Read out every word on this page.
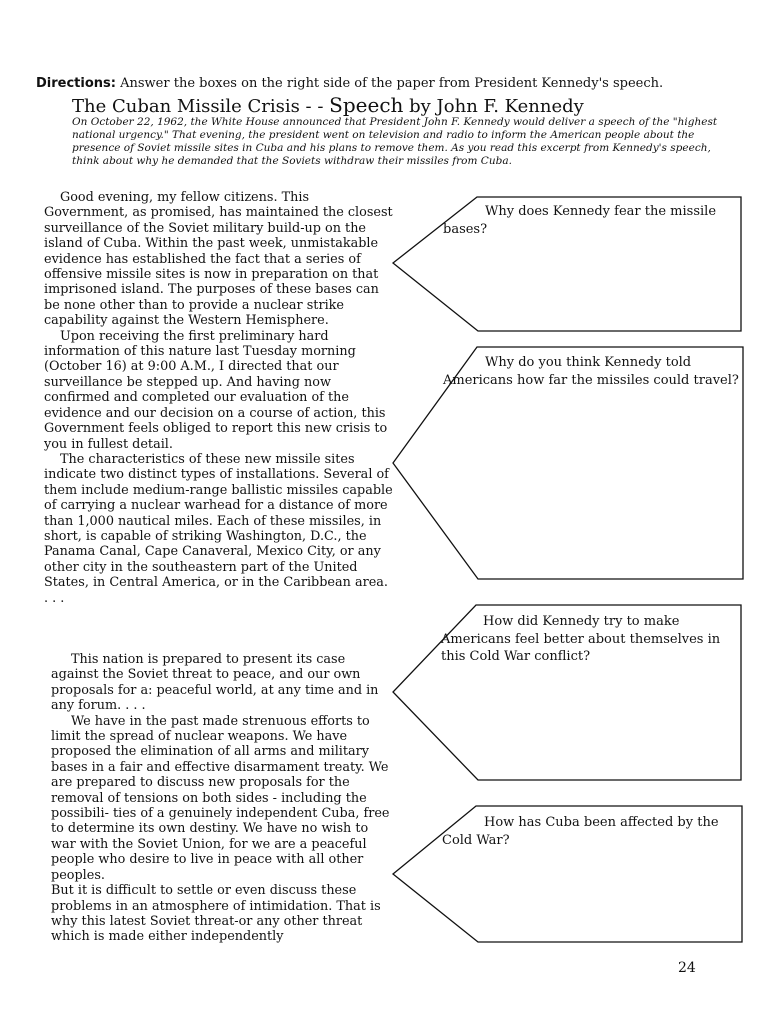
Directions: Answer the boxes on the right side of the paper from President Kennedy's speech.
The Cuban Missile Crisis - - Speech by John F. Kennedy
On October 22, 1962, the White House announced that President John F. Kennedy would deliver a speech of the "highest national urgency." That evening, the president went on television and radio to inform the American people about the presence of Soviet missile sites in Cuba and his plans to remove them. As you read this excerpt from Kennedy's speech, think about why he demanded that the Soviets withdraw their missiles from Cuba.

Good evening, my fellow citizens. This Government, as promised, has maintained the closest surveillance of the Soviet military build-up on the island of Cuba. Within the past week, unmistakable evidence has established the fact that a series of offensive missile sites is now in preparation on that imprisoned island. The purposes of these bases can be none other than to provide a nuclear strike capability against the Western Hemisphere.

Upon receiving the first preliminary hard information of this nature last Tuesday morning (October 16) at 9:00 A.M., I directed that our surveillance be stepped up. And having now confirmed and completed our evaluation of the evidence and our decision on a course of action, this Government feels obliged to report this new crisis to you in fullest detail.

The characteristics of these new missile sites indicate two distinct types of installations. Several of them include medium-range ballistic missiles capable of carrying a nuclear warhead for a distance of more than 1,000 nautical miles. Each of these missiles, in short, is capable of striking Washington, D.C., the Panama Canal, Cape Canaveral, Mexico City, or any other city in the southeastern part of the United States, in Central America, or in the Caribbean area. . . .

This nation is prepared to present its case against the Soviet threat to peace, and our own proposals for a: peaceful world, at any time and in any forum. . . .

We have in the past made strenuous efforts to limit the spread of nuclear weapons. We have proposed the elimination of all arms and military bases in a fair and effective disarmament treaty. We are prepared to discuss new proposals for the removal of tensions on both sides - including the possibili- ties of a genuinely independent Cuba, free to determine its own destiny. We have no wish to war with the Soviet Union, for we are a peaceful people who desire to live in peace with all other peoples.

But it is difficult to settle or even discuss these problems in an atmosphere of intimidation. That is why this latest Soviet threat-or any other threat which is made either independently

Why does Kennedy fear the missile bases?
Why do you think Kennedy told Americans how far the missiles could travel?
How did Kennedy try to make Americans feel better about themselves in this Cold War conflict?
How has Cuba been affected by the Cold War?
24
